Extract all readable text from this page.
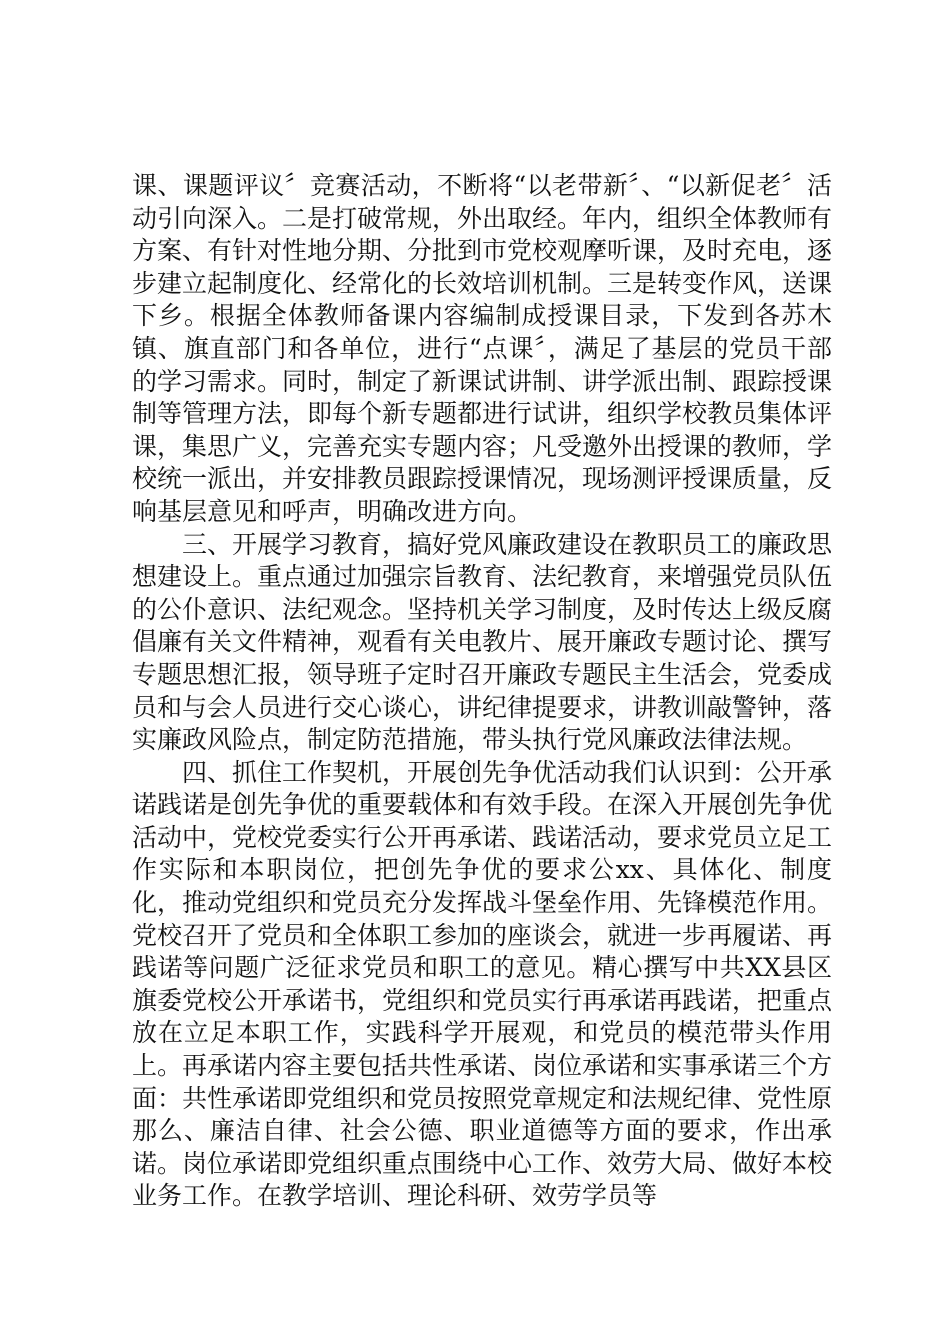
课、课题评议〞竞赛活动，不断将“以老带新〞、“以新促老〞活动引向深入。二是打破常规，外出取经。年内，组织全体教师有方案、有针对性地分期、分批到市党校观摩听课，及时充电，逐步建立起制度化、经常化的长效培训机制。三是转变作风，送课下乡。根据全体教师备课内容编制成授课目录，下发到各苏木镇、旗直部门和各单位，进行“点课〞，满足了基层的党员干部的学习需求。同时，制定了新课试讲制、讲学派出制、跟踪授课制等管理方法，即每个新专题都进行试讲，组织学校教员集体评课，集思广义，完善充实专题内容；凡受邀外出授课的教师，学校统一派出，并安排教员跟踪授课情况，现场测评授课质量，反响基层意见和呼声，明确改进方向。

三、开展学习教育，搞好党风廉政建设在教职员工的廉政思想建设上。重点通过加强宗旨教育、法纪教育，来增强党员队伍的公仆意识、法纪观念。坚持机关学习制度，及时传达上级反腐倡廉有关文件精神，观看有关电教片、展开廉政专题讨论、撰写专题思想汇报，领导班子定时召开廉政专题民主生活会，党委成员和与会人员进行交心谈心，讲纪律提要求，讲教训敲警钟，落实廉政风险点，制定防范措施，带头执行党风廉政法律法规。

四、抓住工作契机，开展创先争优活动我们认识到：公开承诺践诺是创先争优的重要载体和有效手段。在深入开展创先争优活动中，党校党委实行公开再承诺、践诺活动，要求党员立足工作实际和本职岗位，把创先争优的要求公xx、具体化、制度化，推动党组织和党员充分发挥战斗堡垒作用、先锋模范作用。党校召开了党员和全体职工参加的座谈会，就进一步再履诺、再践诺等问题广泛征求党员和职工的意见。精心撰写中共XX县区旗委党校公开承诺书，党组织和党员实行再承诺再践诺，把重点放在立足本职工作，实践科学开展观，和党员的模范带头作用上。再承诺内容主要包括共性承诺、岗位承诺和实事承诺三个方面：共性承诺即党组织和党员按照党章规定和法规纪律、党性原那么、廉洁自律、社会公德、职业道德等方面的要求，作出承诺。岗位承诺即党组织重点围绕中心工作、效劳大局、做好本校业务工作。在教学培训、理论科研、效劳学员等
